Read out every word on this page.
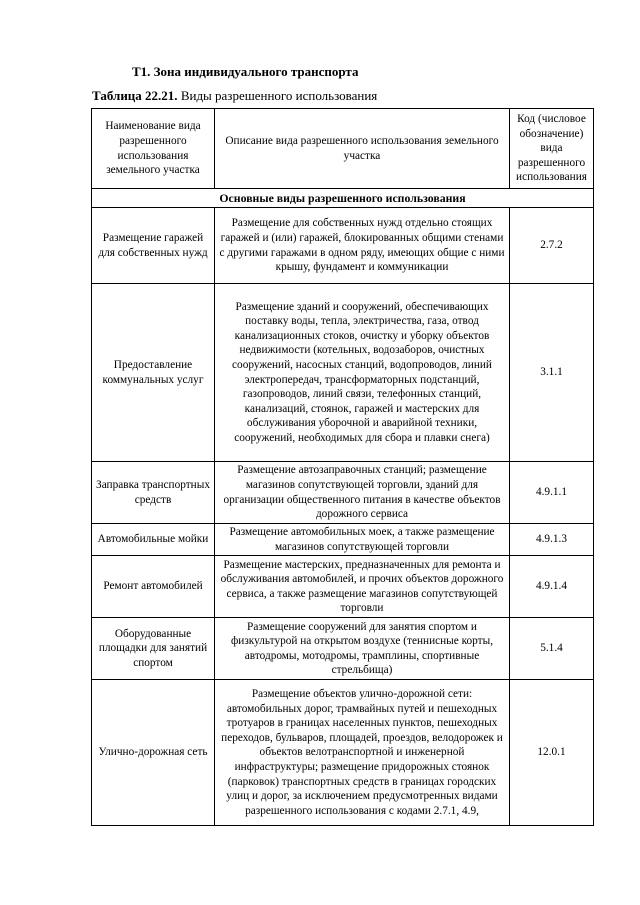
Т1. Зона индивидуального транспорта
Таблица 22.21. Виды разрешенного использования
Наименование вида разрешенного использования земельного участка	Описание вида разрешенного использования земельного участка	Код (числовое обозначение) вида разрешенного использования
Основные виды разрешенного использования		
Размещение гаражей для собственных нужд	Размещение для собственных нужд отдельно стоящих гаражей и (или) гаражей, блокированных общими стенами с другими гаражами в одном ряду, имеющих общие с ними крышу, фундамент и коммуникации	2.7.2
Предоставление коммунальных услуг	Размещение зданий и сооружений, обеспечивающих поставку воды, тепла, электричества, газа, отвод канализационных стоков, очистку и уборку объектов недвижимости (котельных, водозаборов, очистных сооружений, насосных станций, водопроводов, линий электропередач, трансформаторных подстанций, газопроводов, линий связи, телефонных станций, канализаций, стоянок, гаражей и мастерских для обслуживания уборочной и аварийной техники, сооружений, необходимых для сбора и плавки снега)	3.1.1
Заправка транспортных средств	Размещение автозаправочных станций; размещение магазинов сопутствующей торговли, зданий для организации общественного питания в качестве объектов дорожного сервиса	4.9.1.1
Автомобильные мойки	Размещение автомобильных моек, а также размещение магазинов сопутствующей торговли	4.9.1.3
Ремонт автомобилей	Размещение мастерских, предназначенных для ремонта и обслуживания автомобилей, и прочих объектов дорожного сервиса, а также размещение магазинов сопутствующей торговли	4.9.1.4
Оборудованные площадки для занятий спортом	Размещение сооружений для занятия спортом и физкультурой на открытом воздухе (теннисные корты, автодромы, мотодромы, трамплины, спортивные стрельбища)	5.1.4
Улично-дорожная сеть	Размещение объектов улично-дорожной сети: автомобильных дорог, трамвайных путей и пешеходных тротуаров в границах населенных пунктов, пешеходных переходов, бульваров, площадей, проездов, велодорожек и объектов велотранспортной и инженерной инфраструктуры; размещение придорожных стоянок (парковок) транспортных средств в границах городских улиц и дорог, за исключением предусмотренных видами разрешенного использования с кодами 2.7.1, 4.9,	12.0.1
